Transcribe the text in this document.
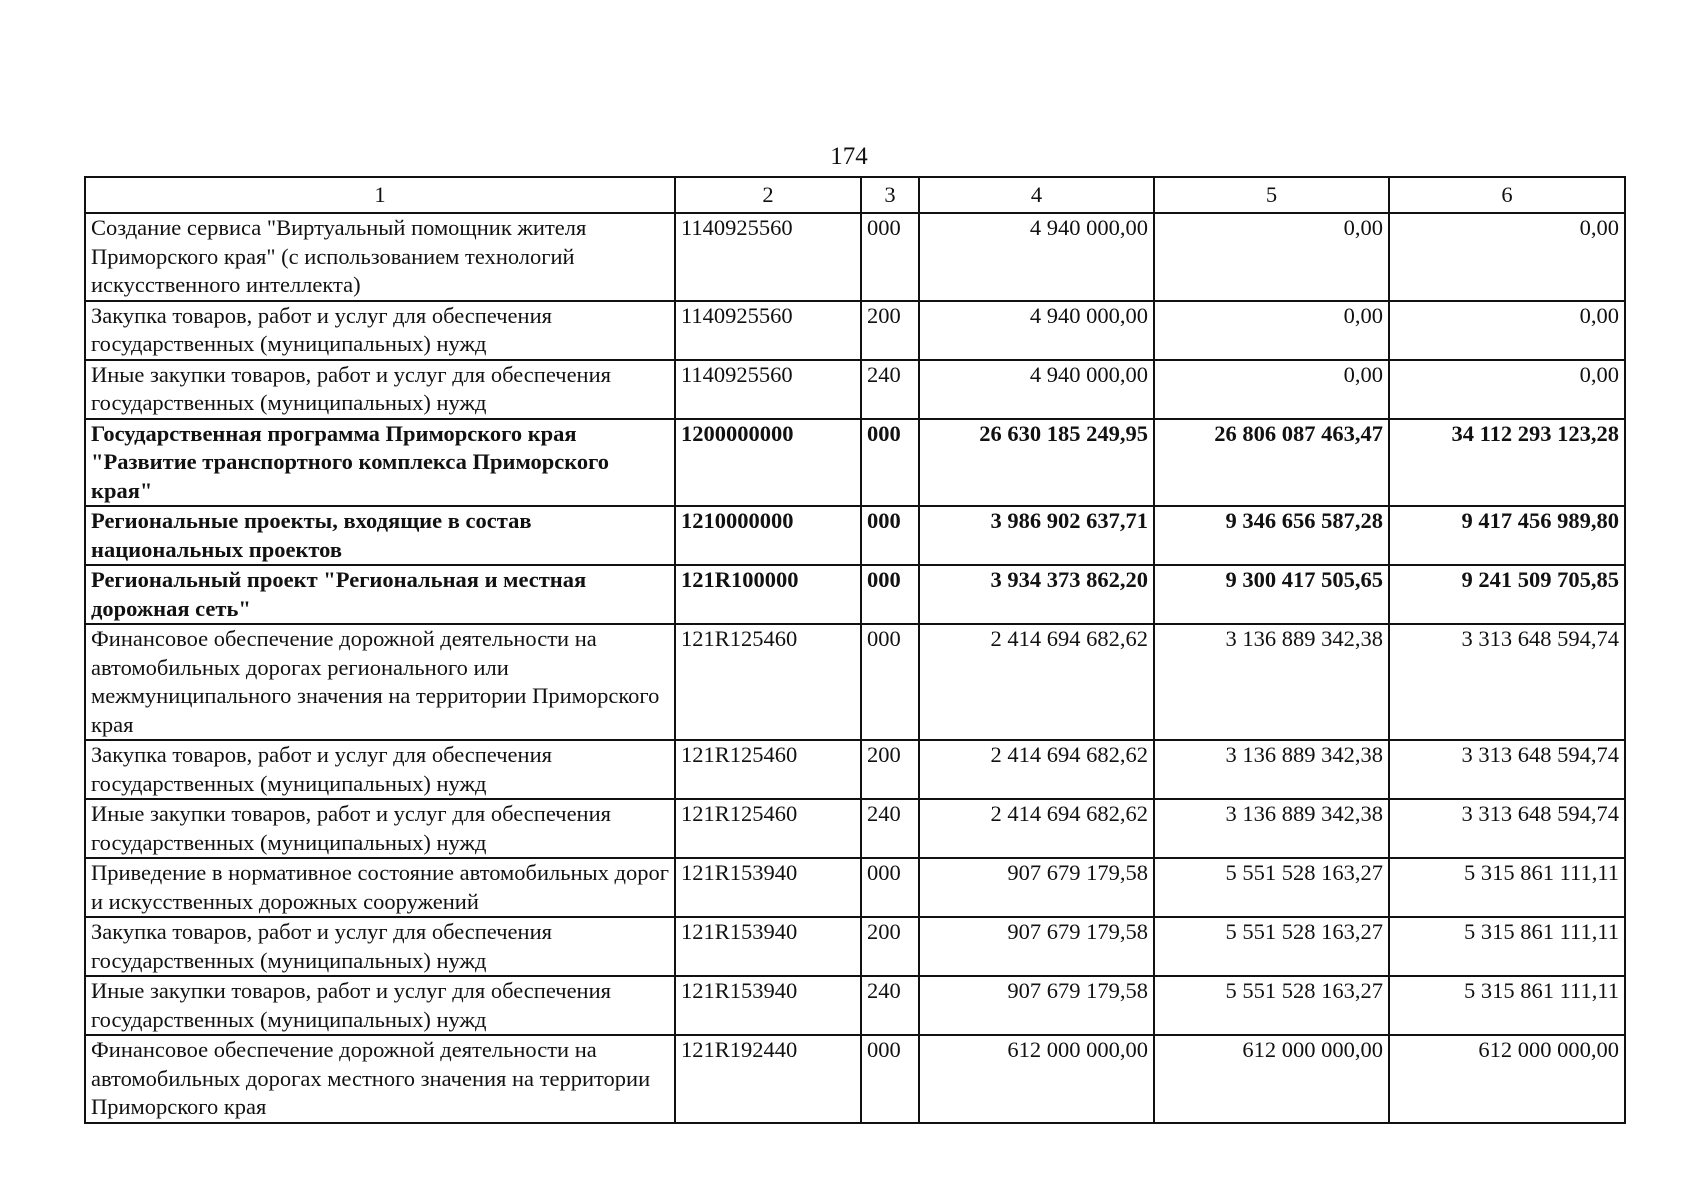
174
1	2	3	4	5	6
Создание сервиса "Виртуальный помощник жителя Приморского края" (с использованием технологий искусственного интеллекта)	1140925560	000	4 940 000,00	0,00	0,00
Закупка товаров, работ и услуг для обеспечения государственных (муниципальных) нужд	1140925560	200	4 940 000,00	0,00	0,00
Иные закупки товаров, работ и услуг для обеспечения государственных (муниципальных) нужд	1140925560	240	4 940 000,00	0,00	0,00
Государственная программа Приморского края "Развитие транспортного комплекса Приморского края"	1200000000	000	26 630 185 249,95	26 806 087 463,47	34 112 293 123,28
Региональные проекты, входящие в состав национальных проектов	1210000000	000	3 986 902 637,71	9 346 656 587,28	9 417 456 989,80
Региональный проект "Региональная и местная дорожная сеть"	121R100000	000	3 934 373 862,20	9 300 417 505,65	9 241 509 705,85
Финансовое обеспечение дорожной деятельности на автомобильных дорогах регионального или межмуниципального значения на территории Приморского края	121R125460	000	2 414 694 682,62	3 136 889 342,38	3 313 648 594,74
Закупка товаров, работ и услуг для обеспечения государственных (муниципальных) нужд	121R125460	200	2 414 694 682,62	3 136 889 342,38	3 313 648 594,74
Иные закупки товаров, работ и услуг для обеспечения государственных (муниципальных) нужд	121R125460	240	2 414 694 682,62	3 136 889 342,38	3 313 648 594,74
Приведение в нормативное состояние автомобильных дорог и искусственных дорожных сооружений	121R153940	000	907 679 179,58	5 551 528 163,27	5 315 861 111,11
Закупка товаров, работ и услуг для обеспечения государственных (муниципальных) нужд	121R153940	200	907 679 179,58	5 551 528 163,27	5 315 861 111,11
Иные закупки товаров, работ и услуг для обеспечения государственных (муниципальных) нужд	121R153940	240	907 679 179,58	5 551 528 163,27	5 315 861 111,11
Финансовое обеспечение дорожной деятельности на автомобильных дорогах местного значения на территории Приморского края	121R192440	000	612 000 000,00	612 000 000,00	612 000 000,00
